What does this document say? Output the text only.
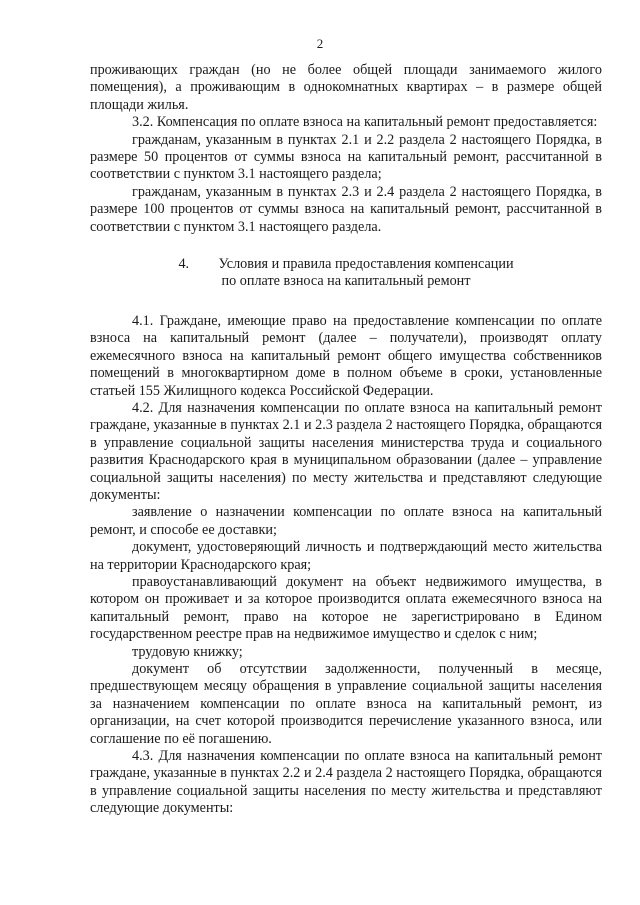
2

проживающих граждан (но не более общей площади занимаемого жилого помещения), а проживающим в однокомнатных квартирах – в размере общей площади жилья.

3.2. Компенсация по оплате взноса на капитальный ремонт предоставляется:

гражданам, указанным в пунктах 2.1 и 2.2 раздела 2 настоящего Порядка, в размере 50 процентов от суммы взноса на капитальный ремонт, рассчитанной в соответствии с пунктом 3.1 настоящего раздела;

гражданам, указанным в пунктах 2.3 и 2.4 раздела 2 настоящего Порядка, в размере 100 процентов от суммы взноса на капитальный ремонт, рассчитанной в соответствии с пунктом 3.1 настоящего раздела.

4. Условия и правила предоставления компенсации
по оплате взноса на капитальный ремонт

4.1. Граждане, имеющие право на предоставление компенсации по оплате взноса на капитальный ремонт (далее – получатели), производят оплату ежемесячного взноса на капитальный ремонт общего имущества собственников помещений в многоквартирном доме в полном объеме в сроки, установленные статьей 155 Жилищного кодекса Российской Федерации.

4.2. Для назначения компенсации по оплате взноса на капитальный ремонт граждане, указанные в пунктах 2.1 и 2.3 раздела 2 настоящего Порядка, обращаются в управление социальной защиты населения министерства труда и социального развития Краснодарского края в муниципальном образовании (далее – управление социальной защиты населения) по месту жительства и представляют следующие документы:

заявление о назначении компенсации по оплате взноса на капитальный ремонт, и способе ее доставки;

документ, удостоверяющий личность и подтверждающий место жительства на территории Краснодарского края;

правоустанавливающий документ на объект недвижимого имущества, в котором он проживает и за которое производится оплата ежемесячного взноса на капитальный ремонт, право на которое не зарегистрировано в Едином государственном реестре прав на недвижимое имущество и сделок с ним;

трудовую книжку;

документ об отсутствии задолженности, полученный в месяце, предшествующем месяцу обращения в управление социальной защиты населения за назначением компенсации по оплате взноса на капитальный ремонт, из организации, на счет которой производится перечисление указанного взноса, или соглашение по её погашению.

4.3. Для назначения компенсации по оплате взноса на капитальный ремонт граждане, указанные в пунктах 2.2 и 2.4 раздела 2 настоящего Порядка, обращаются в управление социальной защиты населения по месту жительства и представляют следующие документы:
